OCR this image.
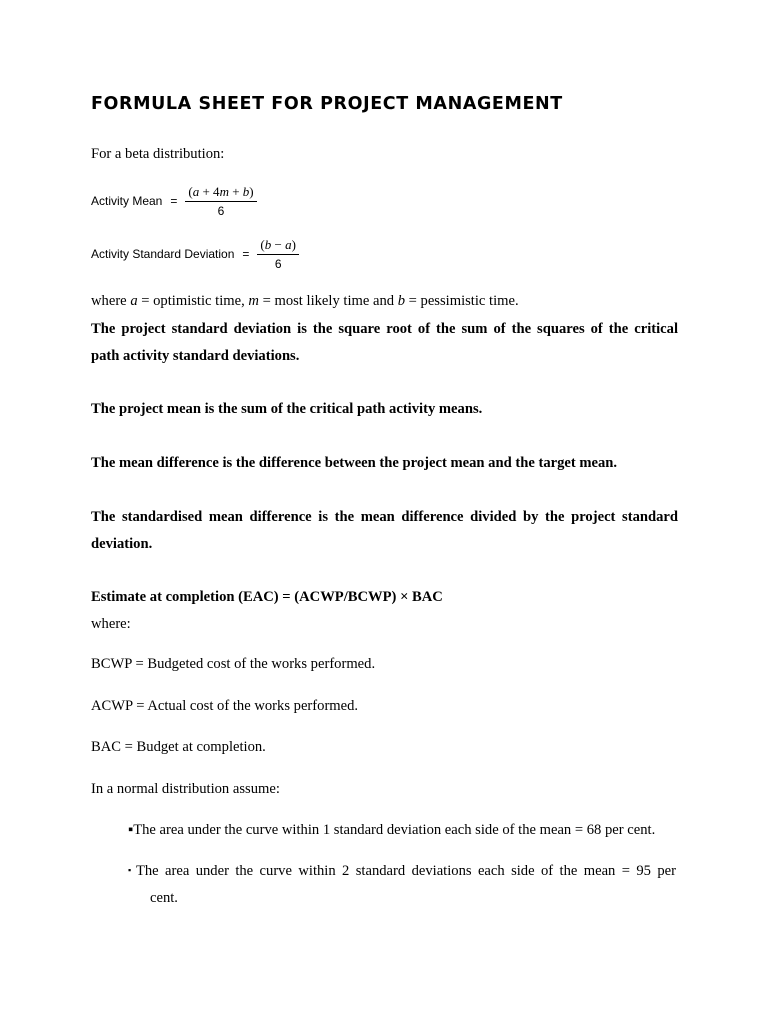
FORMULA SHEET FOR PROJECT MANAGEMENT
For a beta distribution:
Activity Mean = $\frac{(a + 4m + b)}{6}$
Activity Standard Deviation = $\frac{(b - a)}{6}$
where a = optimistic time, m = most likely time and b = pessimistic time.
The project standard deviation is the square root of the sum of the squares of the critical
path activity standard deviations.
The project mean is the sum of the critical path activity means.
The mean difference is the difference between the project mean and the target mean.
The standardised mean difference is the mean difference divided by the project standard
deviation.
Estimate at completion (EAC) = (ACWP/BCWP) × BAC
where:
BCWP = Budgeted cost of the works performed.
ACWP = Actual cost of the works performed.
BAC = Budget at completion.
In a normal distribution assume:
▪The area under the curve within 1 standard deviation each side of the mean = 68 per cent.
▪ The area under the curve within 2 standard deviations each side of the mean = 95 per
cent.
